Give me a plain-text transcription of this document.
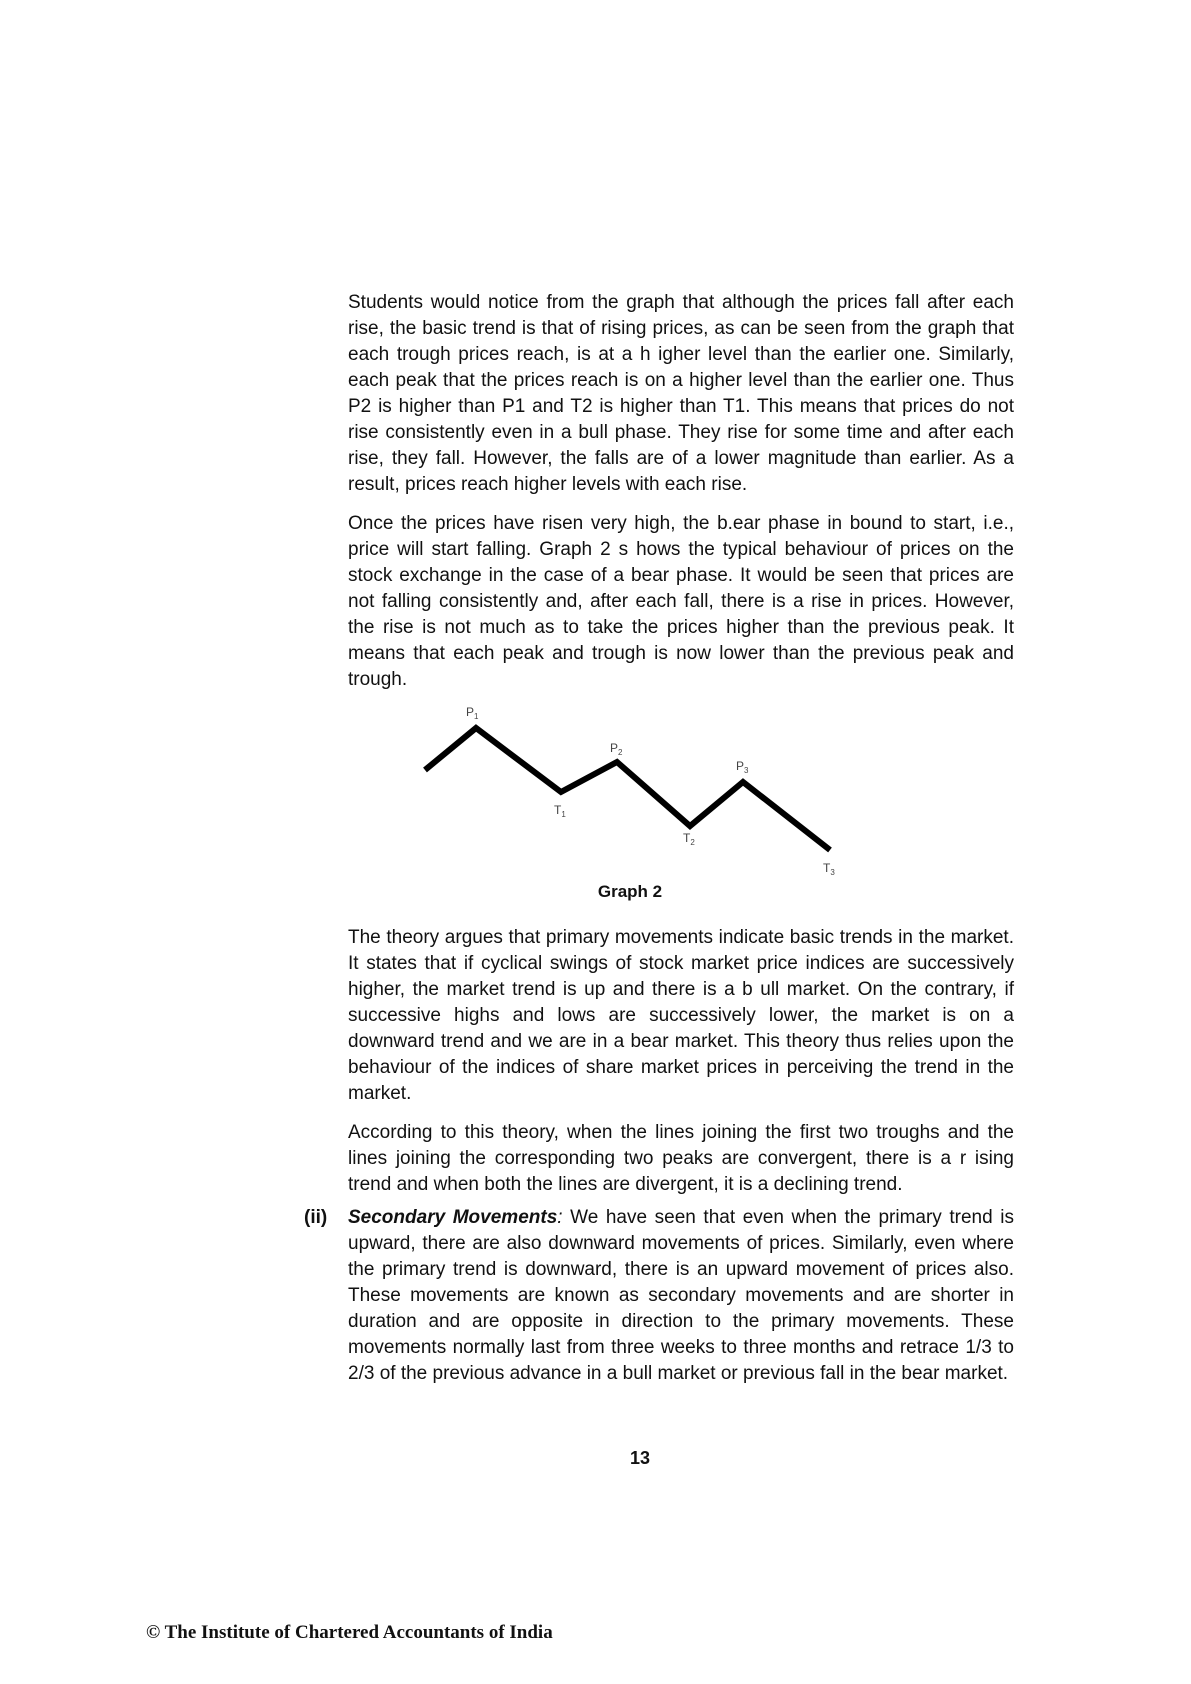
Students would notice from the graph that although the prices fall after each rise, the basic trend is that of rising prices, as can be seen from the graph that each trough prices reach, is at a h igher level than the earlier one. Similarly, each peak that the prices reach is on a higher level than the earlier one. Thus P2 is higher than P1 and T2 is higher than T1. This means that prices do not rise consistently even in a bull phase. They rise for some time and after each rise, they fall. However, the falls are of a lower magnitude than earlier. As a result, prices reach higher levels with each rise.

Once the prices have risen very high, the b.ear phase in bound to start, i.e., price will start falling. Graph 2 s hows the typical behaviour of prices on the stock exchange in the case of a bear phase. It would be seen that prices are not falling consistently and, after each fall, there is a rise in prices. However, the rise is not much as to take the prices higher than the previous peak. It means that each peak and trough is now lower than the previous peak and trough.

$P_1$
$P_2$
$P_3$
$T_1$
$T_2$
$T_3$
Graph 2

The theory argues that primary movements indicate basic trends in the market. It states that if cyclical swings of stock market price indices are successively higher, the market trend is up and there is a b ull market. On the contrary, if successive highs and lows are successively lower, the market is on a downward trend and we are in a bear market. This theory thus relies upon the behaviour of the indices of share market prices in perceiving the trend in the market.

According to this theory, when the lines joining the first two troughs and the lines joining the corresponding two peaks are convergent, there is a r ising trend and when both the lines are divergent, it is a declining trend.

(ii) Secondary Movements: We have seen that even when the primary trend is upward, there are also downward movements of prices. Similarly, even where the primary trend is downward, there is an upward movement of prices also. These movements are known as secondary movements and are shorter in duration and are opposite in direction to the primary movements. These movements normally last from three weeks to three months and retrace 1/3 to 2/3 of the previous advance in a bull market or previous fall in the bear market.

13
© The Institute of Chartered Accountants of India
